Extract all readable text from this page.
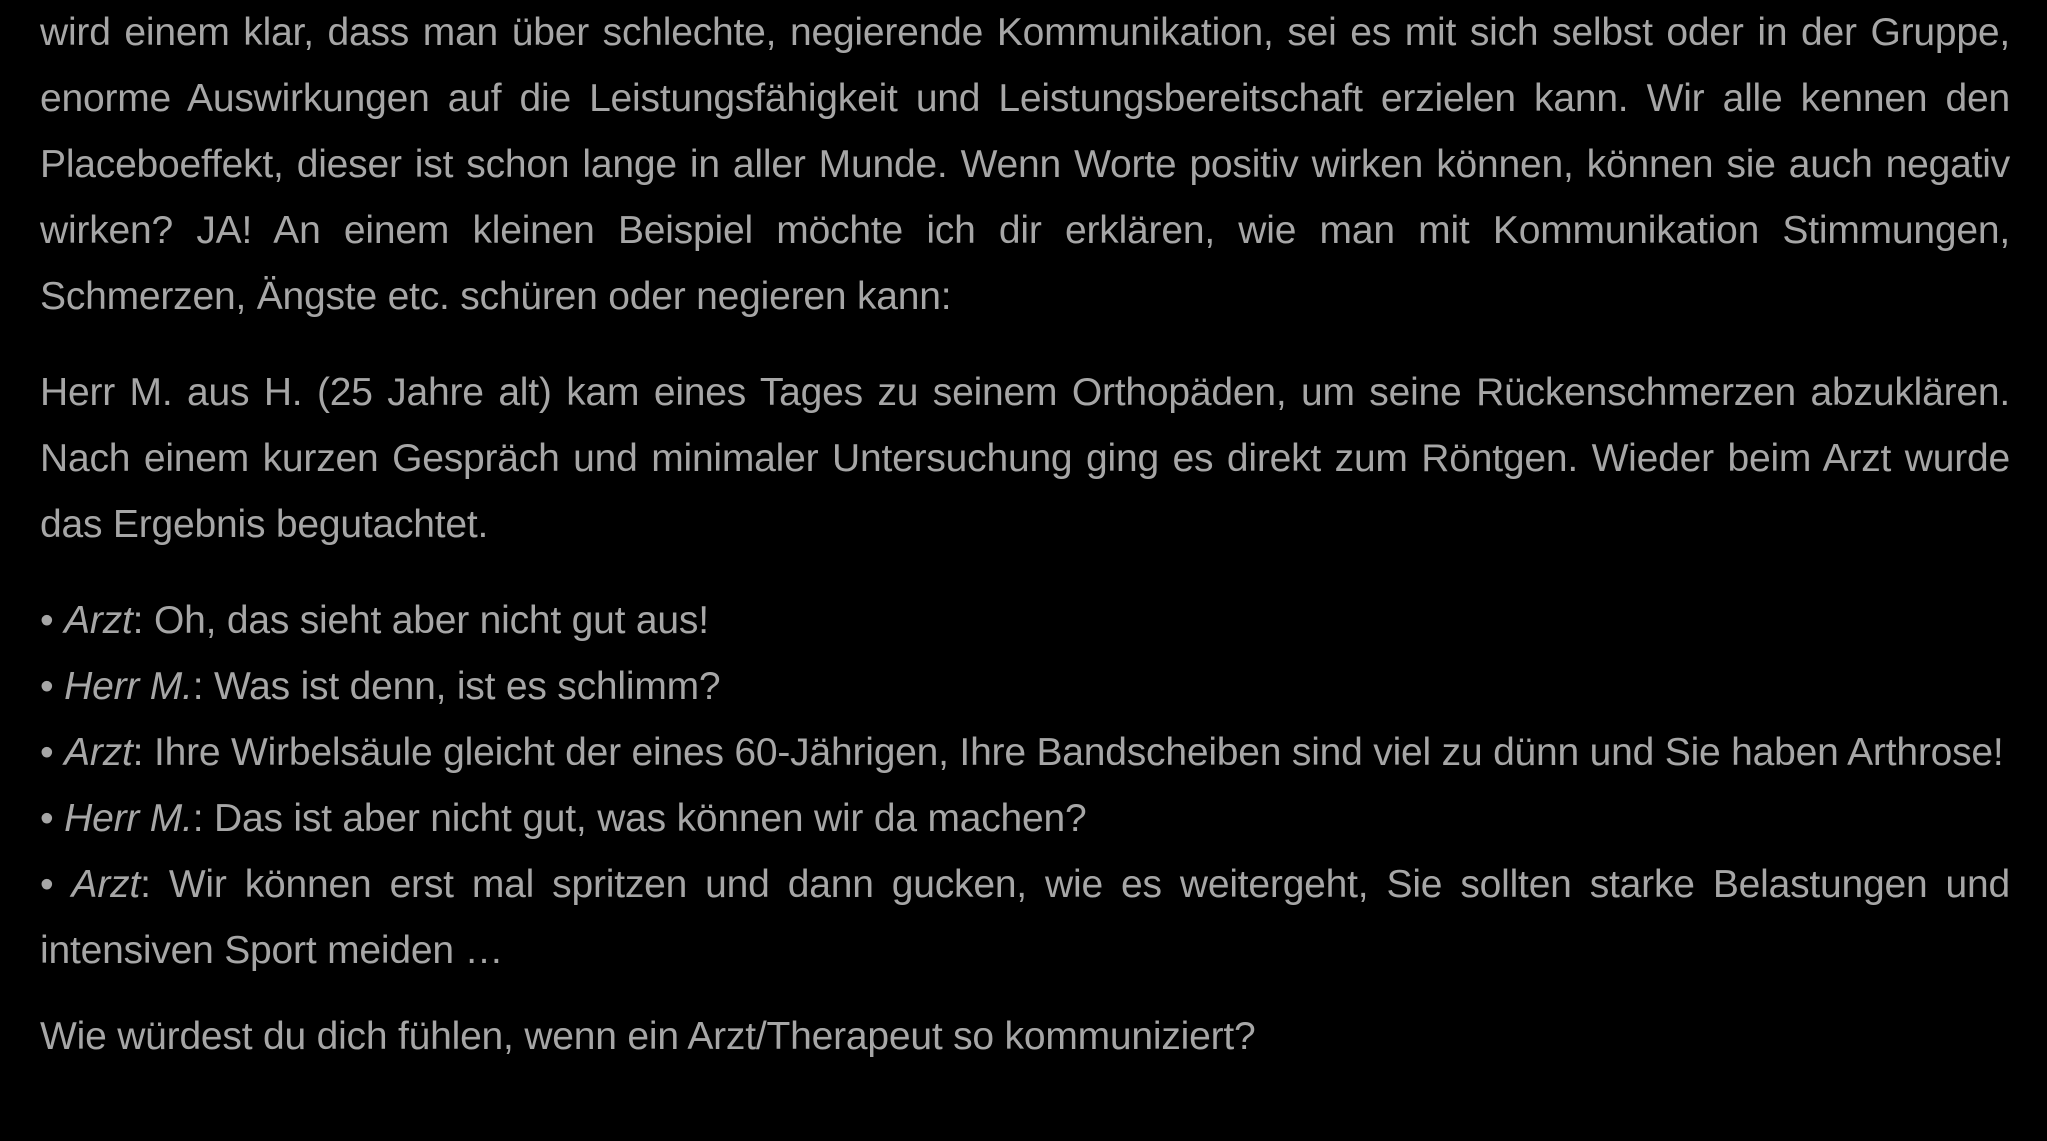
wird einem klar, dass man über schlechte, negierende Kommunikation, sei es mit sich selbst oder in der Gruppe, enorme Auswirkungen auf die Leistungsfähigkeit und Leistungsbereitschaft erzielen kann. Wir alle kennen den Placeboeffekt, dieser ist schon lange in aller Munde. Wenn Worte positiv wirken können, können sie auch negativ wirken? JA! An einem kleinen Beispiel möchte ich dir erklären, wie man mit Kommunikation Stimmungen, Schmerzen, Ängste etc. schüren oder negieren kann:

Herr M. aus H. (25 Jahre alt) kam eines Tages zu seinem Orthopäden, um seine Rückenschmerzen abzuklären. Nach einem kurzen Gespräch und minimaler Untersuchung ging es direkt zum Röntgen. Wieder beim Arzt wurde das Ergebnis begutachtet.

• Arzt: Oh, das sieht aber nicht gut aus!

• Herr M.: Was ist denn, ist es schlimm?

• Arzt: Ihre Wirbelsäule gleicht der eines 60-Jährigen, Ihre Bandscheiben sind viel zu dünn und Sie haben Arthrose!

• Herr M.: Das ist aber nicht gut, was können wir da machen?

• Arzt: Wir können erst mal spritzen und dann gucken, wie es weitergeht, Sie sollten starke Belastungen und intensiven Sport meiden …

Wie würdest du dich fühlen, wenn ein Arzt/Therapeut so kommuniziert?
